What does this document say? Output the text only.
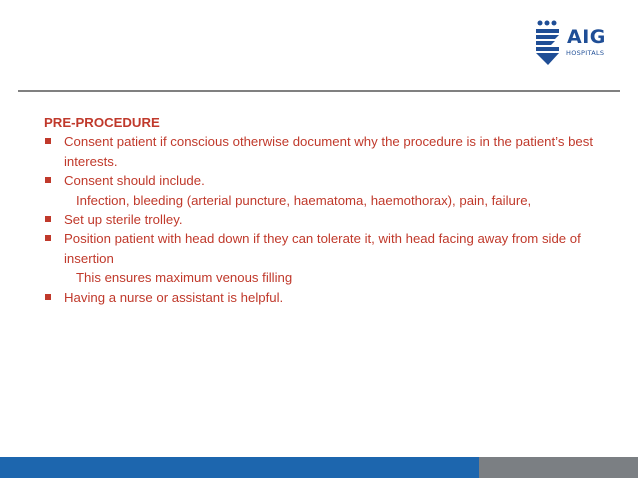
AIG
HOSPITALS
PRE-PROCEDURE
Consent patient if conscious otherwise document why the procedure is in the patient’s best interests.
Consent should include.
Infection, bleeding (arterial puncture, haematoma, haemothorax), pain, failure,
Set up sterile trolley.
Position patient with head down if they can tolerate it, with head facing away from side of insertion
This ensures maximum venous filling
Having a nurse or assistant is helpful.
